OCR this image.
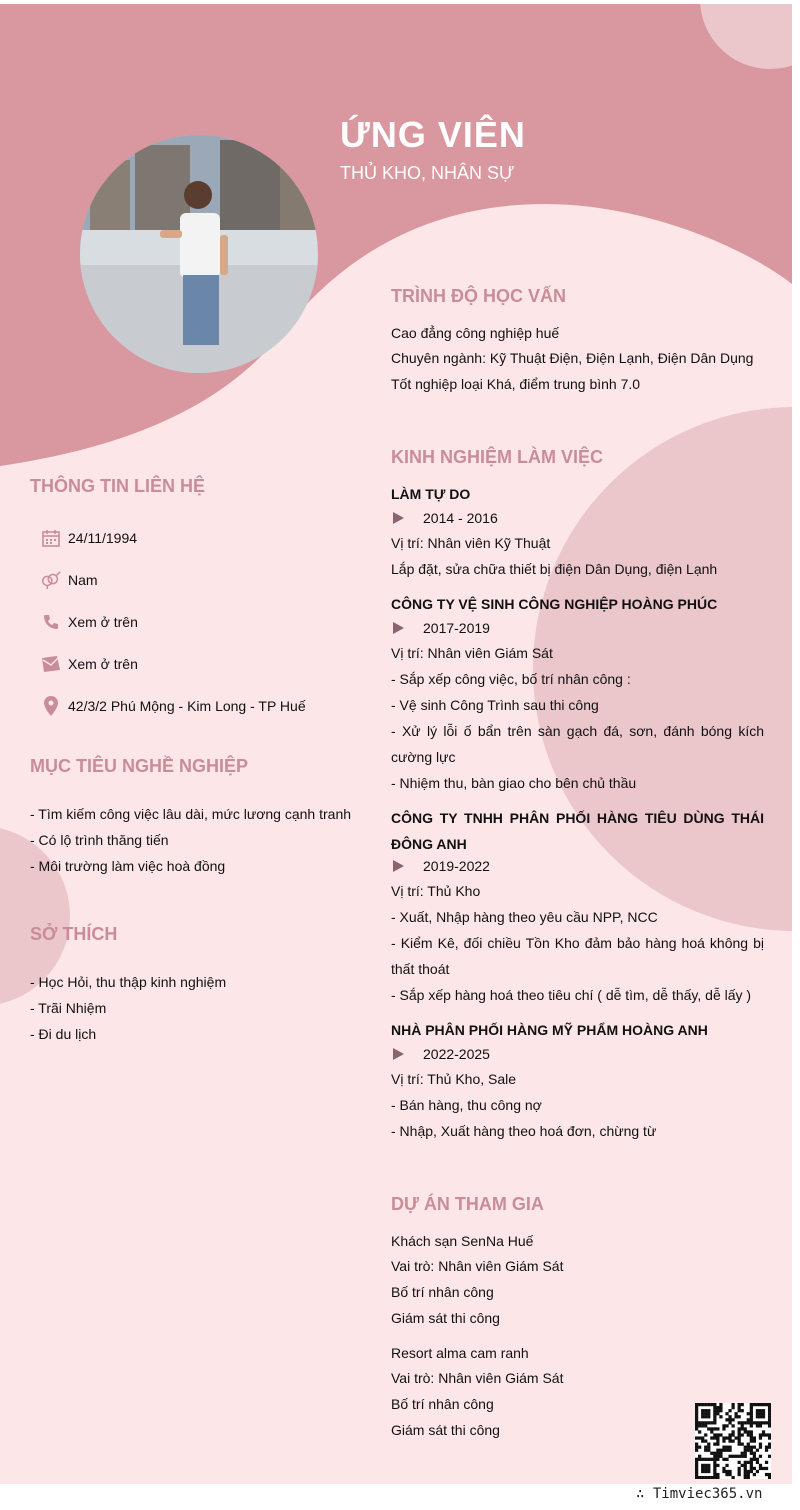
ỨNG VIÊN
THỦ KHO, NHÂN SỰ
THÔNG TIN LIÊN HỆ
24/11/1994
Nam
Xem ở trên
Xem ở trên
42/3/2 Phú Mộng - Kim Long - TP Huế
MỤC TIÊU NGHỀ NGHIỆP
- Tìm kiếm công việc lâu dài, mức lương cạnh tranh
- Có lộ trình thăng tiến
- Môi trường làm việc hoà đồng
SỞ THÍCH
- Học Hỏi, thu thập kinh nghiệm
- Trãi Nhiệm
- Đi du lịch
TRÌNH ĐỘ HỌC VẤN
Cao đẳng công nghiệp huế
Chuyên ngành: Kỹ Thuật Điện, Điện Lạnh, Điện Dân Dụng
Tốt nghiệp loại Khá, điểm trung bình 7.0
KINH NGHIỆM LÀM VIỆC
LÀM TỰ DO
2014 - 2016
Vị trí: Nhân viên Kỹ Thuật
Lắp đặt, sửa chữa thiết bị điện Dân Dụng, điện Lạnh
CÔNG TY VỆ SINH CÔNG NGHIỆP HOÀNG PHÚC
2017-2019
Vị trí: Nhân viên Giám Sát
- Sắp xếp công việc, bố trí nhân công :
- Vệ sinh Công Trình sau thi công
- Xử lý lỗi ố bẩn trên sàn gạch đá, sơn, đánh bóng kích cường lực
- Nhiệm thu, bàn giao cho bên chủ thầu
CÔNG TY TNHH PHÂN PHỐI HÀNG TIÊU DÙNG THÁI ĐÔNG ANH
2019-2022
Vị trí: Thủ Kho
- Xuất, Nhập hàng theo yêu cầu NPP, NCC
- Kiểm Kê, đối chiều Tồn Kho đảm bảo hàng hoá không bị thất thoát
- Sắp xếp hàng hoá theo tiêu chí ( dễ tìm, dễ thấy, dễ lấy )
NHÀ PHÂN PHỐI HÀNG MỸ PHẨM HOÀNG ANH
2022-2025
Vị trí: Thủ Kho, Sale
- Bán hàng, thu công nợ
- Nhập, Xuất hàng theo hoá đơn, chừng từ
DỰ ÁN THAM GIA
Khách sạn SenNa Huế
Vai trò: Nhân viên Giám Sát
Bố trí nhân công
Giám sát thi công
Resort alma cam ranh
Vai trò: Nhân viên Giám Sát
Bố trí nhân công
Giám sát thi công
∴ Timviec365.vn
